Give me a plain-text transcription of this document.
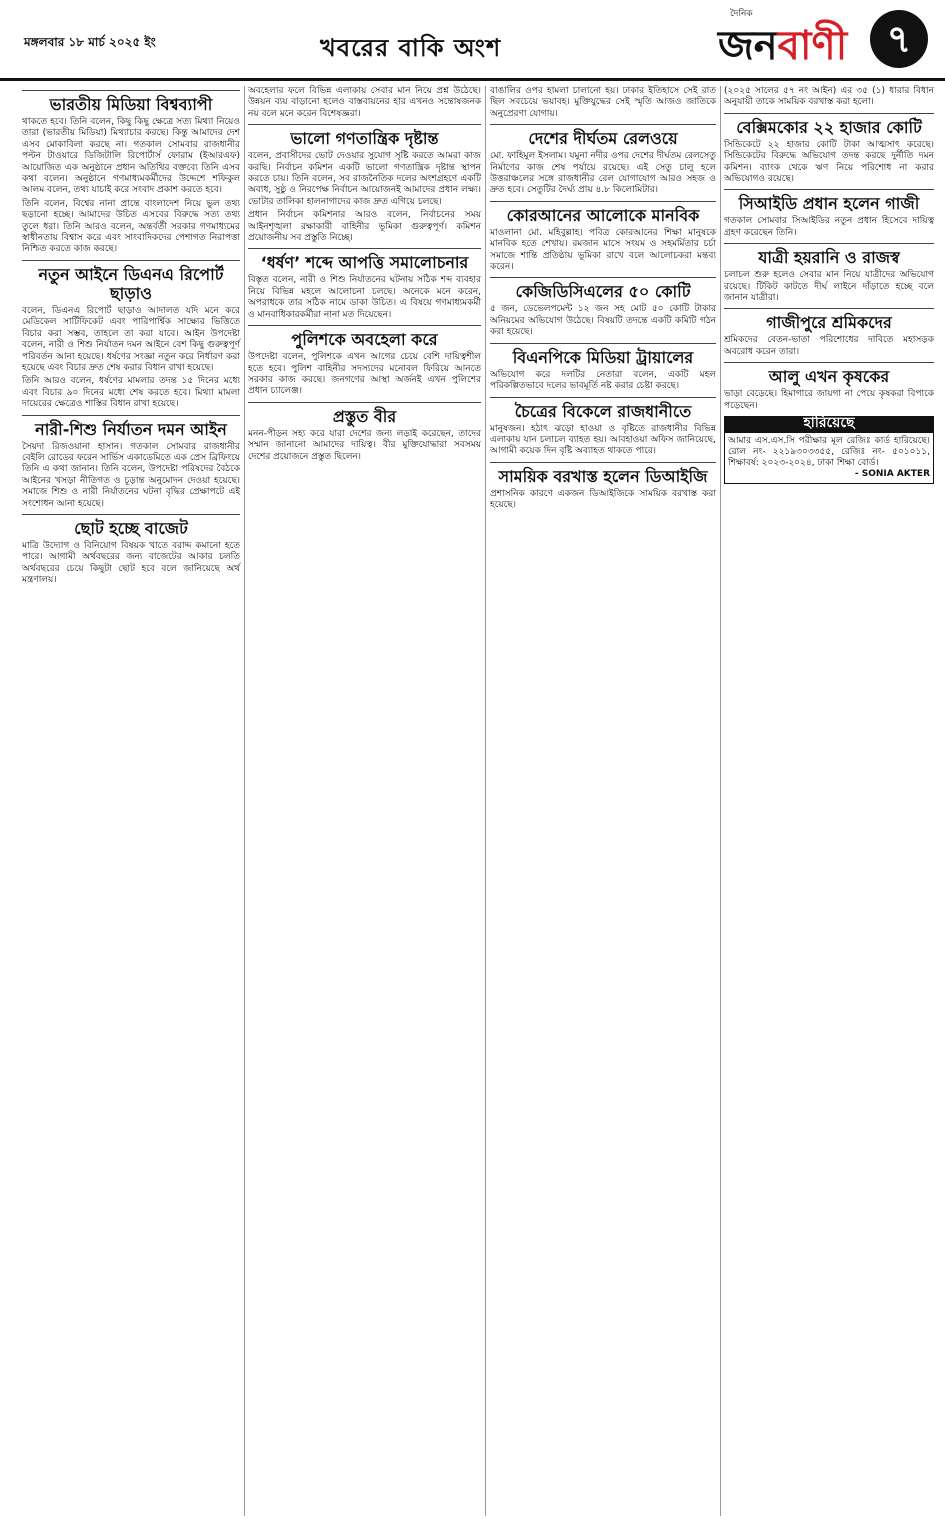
মঙ্গলবার ১৮ মার্চ ২০২৫ ইং	খবরের বাকি অংশ
দৈনিক
জনবাণী	৭
ভারতীয় মিডিয়া বিশ্বব্যাপী

থাকতে হবে। তিনি বলেন, কিছু কিছু ক্ষেত্রে সত্য মিথ্যা নিয়েও তারা (ভারতীয় মিডিয়া) মিথ্যাচার করছে। কিন্তু আমাদের দেশ এসব মোকাবিলা করছে না। গতকাল সোমবার রাজধানীর পল্টন টাওয়ারে ডিজিটালি রিপোর্টার্স ফোরাম (ইআরএফ) আয়োজিত এক অনুষ্ঠানে প্রধান অতিথির বক্তব্যে তিনি এসব কথা বলেন। অনুষ্ঠানে গণমাধ্যমকর্মীদের উদ্দেশে শফিকুল আলম বলেন, তথ্য যাচাই করে সংবাদ প্রকাশ করতে হবে।

তিনি বলেন, বিশ্বের নানা প্রান্তে বাংলাদেশ নিয়ে ভুল তথ্য ছড়ানো হচ্ছে। আমাদের উচিত এসবের বিরুদ্ধে সত্য তথ্য তুলে ধরা। তিনি আরও বলেন, অন্তর্বর্তী সরকার গণমাধ্যমের স্বাধীনতায় বিশ্বাস করে এবং সাংবাদিকদের পেশাগত নিরাপত্তা নিশ্চিত করতে কাজ করছে।

নতুন আইনে ডিএনএ রিপোর্ট ছাড়াও

বলেন, ডিএনএ রিপোর্ট ছাড়াও আদালত যদি মনে করে মেডিকেল সার্টিফিকেট এবং পারিপার্শ্বিক সাক্ষ্যের ভিত্তিতে বিচার করা সম্ভব, তাহলে তা করা যাবে। আইন উপদেষ্টা বলেন, নারী ও শিশু নির্যাতন দমন আইনে বেশ কিছু গুরুত্বপূর্ণ পরিবর্তন আনা হয়েছে। ধর্ষণের সংজ্ঞা নতুন করে নির্ধারণ করা হয়েছে এবং বিচার দ্রুত শেষ করার বিধান রাখা হয়েছে।

তিনি আরও বলেন, ধর্ষণের মামলার তদন্ত ১৫ দিনের মধ্যে এবং বিচার ৯০ দিনের মধ্যে শেষ করতে হবে। মিথ্যা মামলা দায়েরের ক্ষেত্রেও শাস্তির বিধান রাখা হয়েছে।

নারী-শিশু নির্যাতন দমন আইন

সৈয়দা রিজওয়ানা হাসান। গতকাল সোমবার রাজধানীর বেইলি রোডের ফরেন সার্ভিস একাডেমিতে এক প্রেস ব্রিফিংয়ে তিনি এ কথা জানান। তিনি বলেন, উপদেষ্টা পরিষদের বৈঠকে আইনের খসড়া নীতিগত ও চূড়ান্ত অনুমোদন দেওয়া হয়েছে। সমাজে শিশু ও নারী নির্যাতনের ঘটনা বৃদ্ধির প্রেক্ষাপটে এই সংশোধন আনা হয়েছে।

ছোট হচ্ছে বাজেট

মাত্রি উদ্যোগ ও বিনিয়োগ বিষয়ক খাতে বরাদ্দ কমানো হতে পারে। আগামী অর্থবছরের জন্য বাজেটের আকার চলতি অর্থবছরের চেয়ে কিছুটা ছোট হবে বলে জানিয়েছে অর্থ মন্ত্রণালয়।

অবহেলার ফলে বিভিন্ন এলাকায় সেবার মান নিয়ে প্রশ্ন উঠেছে। উন্নয়ন ব্যয় বাড়ানো হলেও বাস্তবায়নের হার এখনও সন্তোষজনক নয় বলে মনে করেন বিশেষজ্ঞরা।

ভালো গণতান্ত্রিক দৃষ্টান্ত

বলেন, প্রবাসীদের ভোট দেওয়ার সুযোগ সৃষ্টি করতে আমরা কাজ করছি। নির্বাচন কমিশন একটি ভালো গণতান্ত্রিক দৃষ্টান্ত স্থাপন করতে চায়। তিনি বলেন, সব রাজনৈতিক দলের অংশগ্রহণে একটি অবাধ, সুষ্ঠু ও নিরপেক্ষ নির্বাচন আয়োজনই আমাদের প্রধান লক্ষ্য। ভোটার তালিকা হালনাগাদের কাজ দ্রুত এগিয়ে চলছে।

প্রধান নির্বাচন কমিশনার আরও বলেন, নির্বাচনের সময় আইনশৃঙ্খলা রক্ষাকারী বাহিনীর ভূমিকা গুরুত্বপূর্ণ। কমিশন প্রয়োজনীয় সব প্রস্তুতি নিচ্ছে।

‘ধর্ষণ’ শব্দে আপত্তি সমালোচনার

বিস্তৃত বলেন, নারী ও শিশু নির্যাতনের ঘটনায় সঠিক শব্দ ব্যবহার নিয়ে বিভিন্ন মহলে আলোচনা চলছে। অনেকে মনে করেন, অপরাধকে তার সঠিক নামে ডাকা উচিত। এ বিষয়ে গণমাধ্যমকর্মী ও মানবাধিকারকর্মীরা নানা মত দিয়েছেন।

পুলিশকে অবহেলা করে

উপদেষ্টা বলেন, পুলিশকে এখন আগের চেয়ে বেশি দায়িত্বশীল হতে হবে। পুলিশ বাহিনীর সদস্যদের মনোবল ফিরিয়ে আনতে সরকার কাজ করছে। জনগণের আস্থা অর্জনই এখন পুলিশের প্রধান চ্যালেঞ্জ।

প্রস্তুত বীর

মনন-পীড়ন সহ্য করে যারা দেশের জন্য লড়াই করেছেন, তাদের সম্মান জানানো আমাদের দায়িত্ব। বীর মুক্তিযোদ্ধারা সবসময় দেশের প্রয়োজনে প্রস্তুত ছিলেন।

বাঙালির ওপর হামলা চালানো হয়। ঢাকার ইতিহাসে সেই রাত ছিল সবচেয়ে ভয়াবহ। মুক্তিযুদ্ধের সেই স্মৃতি আজও জাতিকে অনুপ্রেরণা যোগায়।

দেশের দীর্ঘতম রেলওয়ে

মো. ফাহিমুল ইসলাম। যমুনা নদীর ওপর দেশের দীর্ঘতম রেলসেতু নির্মাণের কাজ শেষ পর্যায়ে রয়েছে। এই সেতু চালু হলে উত্তরাঞ্চলের সঙ্গে রাজধানীর রেল যোগাযোগ আরও সহজ ও দ্রুত হবে। সেতুটির দৈর্ঘ্য প্রায় ৪.৮ কিলোমিটার।

কোরআনের আলোকে মানবিক

মাওলানা মো. মহিবুল্লাহ। পবিত্র কোরআনের শিক্ষা মানুষকে মানবিক হতে শেখায়। রমজান মাসে সংযম ও সহমর্মিতার চর্চা সমাজে শান্তি প্রতিষ্ঠায় ভূমিকা রাখে বলে আলোচকরা মন্তব্য করেন।

কেজিডিসিএলের ৫০ কোটি

৫ জন, ডেভেলপমেন্ট ১২ জন সহ মোট ৫০ কোটি টাকার অনিয়মের অভিযোগ উঠেছে। বিষয়টি তদন্তে একটি কমিটি গঠন করা হয়েছে।

বিএনপিকে মিডিয়া ট্রায়ালের

অভিযোগ করে দলটির নেতারা বলেন, একটি মহল পরিকল্পিতভাবে দলের ভাবমূর্তি নষ্ট করার চেষ্টা করছে।

চৈত্রের বিকেলে রাজধানীতে

মানুষজন। হঠাৎ ঝড়ো হাওয়া ও বৃষ্টিতে রাজধানীর বিভিন্ন এলাকায় যান চলাচল ব্যাহত হয়। আবহাওয়া অফিস জানিয়েছে, আগামী কয়েক দিন বৃষ্টি অব্যাহত থাকতে পারে।

সাময়িক বরখাস্ত হলেন ডিআইজি

প্রশাসনিক কারণে একজন ডিআইজিকে সাময়িক বরখাস্ত করা হয়েছে।

(২০২৫ সালের ৫৭ নং আইন) এর ৩৫ (১) ধারার বিধান অনুযায়ী তাকে সাময়িক বরখাস্ত করা হলো।

বেক্সিমকোর ২২ হাজার কোটি

সিন্ডিকেটে ২২ হাজার কোটি টাকা আত্মসাৎ করেছে। সিন্ডিকেটের বিরুদ্ধে অভিযোগ তদন্ত করছে দুর্নীতি দমন কমিশন। ব্যাংক থেকে ঋণ নিয়ে পরিশোধ না করার অভিযোগও রয়েছে।

সিআইডি প্রধান হলেন গাজী

গতকাল সোমবার সিআইডির নতুন প্রধান হিসেবে দায়িত্ব গ্রহণ করেছেন তিনি।

যাত্রী হয়রানি ও রাজস্ব

চলাচল শুরু হলেও সেবার মান নিয়ে যাত্রীদের অভিযোগ রয়েছে। টিকিট কাটতে দীর্ঘ লাইনে দাঁড়াতে হচ্ছে বলে জানান যাত্রীরা।

গাজীপুরে শ্রমিকদের

শ্রমিকদের বেতন-ভাতা পরিশোধের দাবিতে মহাসড়ক অবরোধ করেন তারা।

আলু এখন কৃষকের

ভাড়া বেড়েছে। হিমাগারে জায়গা না পেয়ে কৃষকরা বিপাকে পড়েছেন।

হারিয়েছে
আমার এস.এস.সি পরীক্ষার মূল রেজিঃ কার্ড হারিয়েছে। রোল নং- ২২১৯৩০৩৩৫৫, রেজিঃ নং- ৫০১০১১, শিক্ষাবর্ষ: ২০২৩-২০২৪, ঢাকা শিক্ষা বোর্ড।
- SONIA AKTER
